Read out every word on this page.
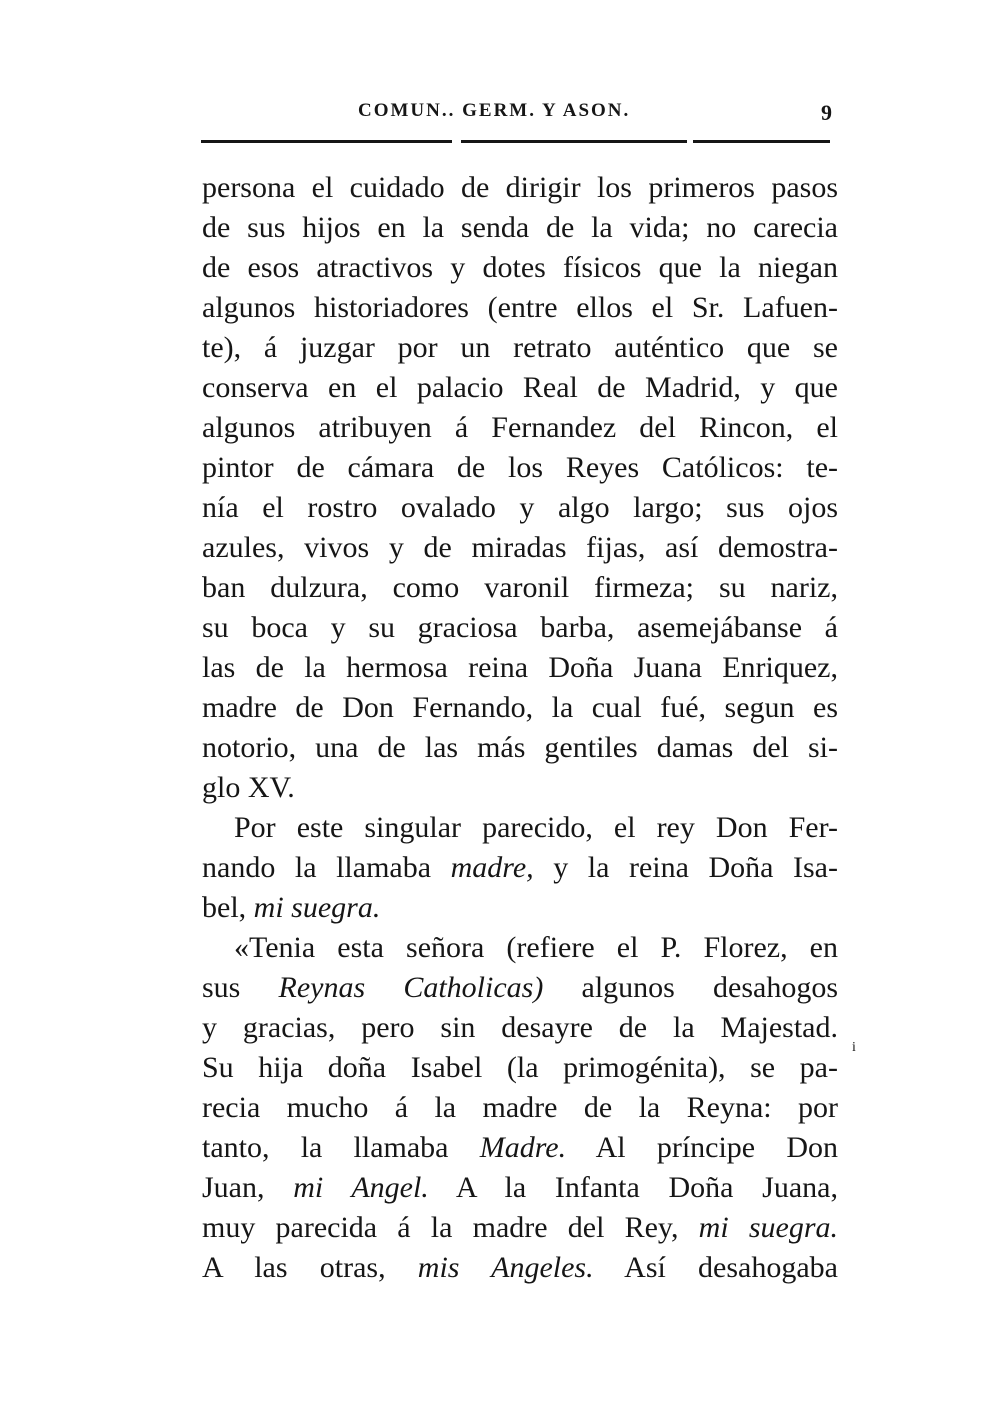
COMUN.. GERM. Y ASON.	9
persona el cuidado de dirigir los primeros pasos
de sus hijos en la senda de la vida; no carecia
de esos atractivos y dotes físicos que la niegan
algunos historiadores (entre ellos el Sr. Lafuen-
te), á juzgar por un retrato auténtico que se
conserva en el palacio Real de Madrid, y que
algunos atribuyen á Fernandez del Rincon, el
pintor de cámara de los Reyes Católicos: te-
nía el rostro ovalado y algo largo; sus ojos
azules, vivos y de miradas fijas, así demostra-
ban dulzura, como varonil firmeza; su nariz,
su boca y su graciosa barba, asemejábanse á
las de la hermosa reina Doña Juana Enriquez,
madre de Don Fernando, la cual fué, segun es
notorio, una de las más gentiles damas del si-
glo XV.
Por este singular parecido, el rey Don Fer-
nando la llamaba madre, y la reina Doña Isa-
bel, mi suegra.
«Tenia esta señora (refiere el P. Florez, en
sus Reynas Catholicas) algunos desahogos
y gracias, pero sin desayre de la Majestad.
Su hija doña Isabel (la primogénita), se pa-
recia mucho á la madre de la Reyna: por
tanto, la llamaba Madre. Al príncipe Don
Juan, mi Angel. A la Infanta Doña Juana,
muy parecida á la madre del Rey, mi suegra.
A las otras, mis Angeles. Así desahogaba
i
